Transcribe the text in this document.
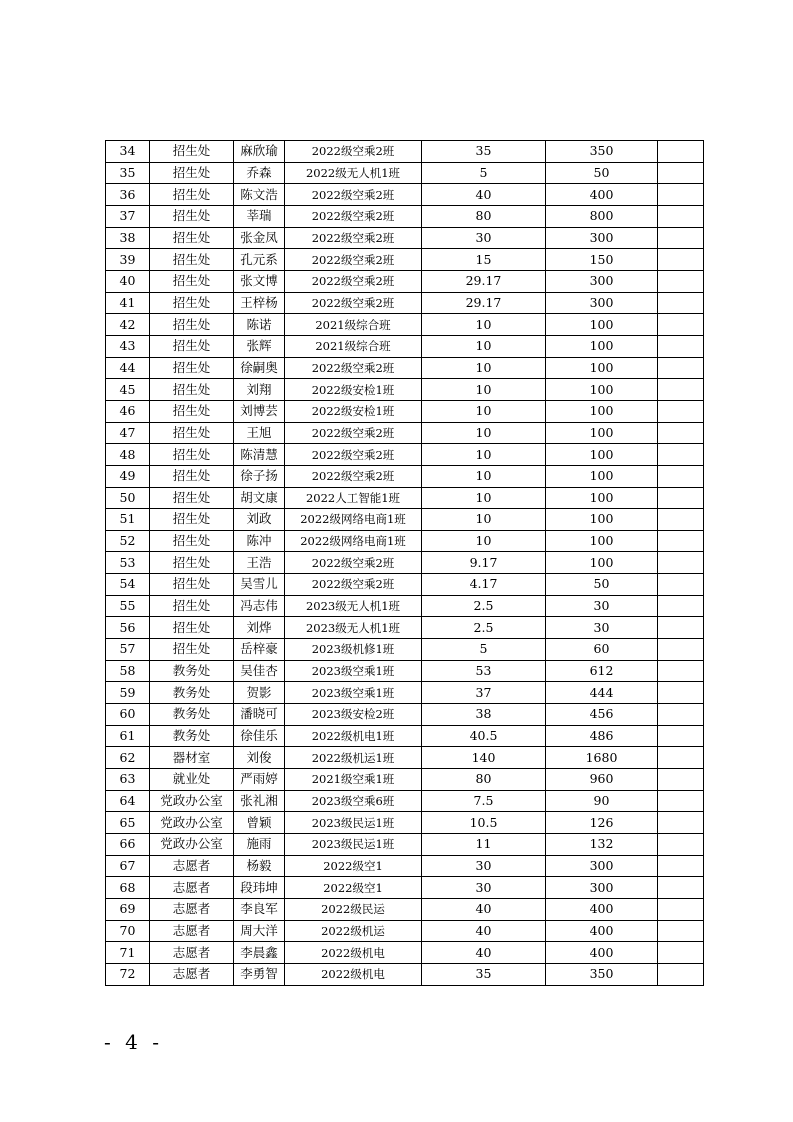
34	招生处	麻欣瑜	2022级空乘2班	35	350	
35	招生处	乔森	2022级无人机1班	5	50	
36	招生处	陈文浩	2022级空乘2班	40	400	
37	招生处	莘瑞	2022级空乘2班	80	800	
38	招生处	张金凤	2022级空乘2班	30	300	
39	招生处	孔元系	2022级空乘2班	15	150	
40	招生处	张文博	2022级空乘2班	29.17	300	
41	招生处	王梓杨	2022级空乘2班	29.17	300	
42	招生处	陈诺	2021级综合班	10	100	
43	招生处	张辉	2021级综合班	10	100	
44	招生处	徐嗣奥	2022级空乘2班	10	100	
45	招生处	刘翔	2022级安检1班	10	100	
46	招生处	刘博芸	2022级安检1班	10	100	
47	招生处	王旭	2022级空乘2班	10	100	
48	招生处	陈清慧	2022级空乘2班	10	100	
49	招生处	徐子扬	2022级空乘2班	10	100	
50	招生处	胡文康	2022人工智能1班	10	100	
51	招生处	刘政	2022级网络电商1班	10	100	
52	招生处	陈冲	2022级网络电商1班	10	100	
53	招生处	王浩	2022级空乘2班	9.17	100	
54	招生处	吴雪儿	2022级空乘2班	4.17	50	
55	招生处	冯志伟	2023级无人机1班	2.5	30	
56	招生处	刘烨	2023级无人机1班	2.5	30	
57	招生处	岳梓豪	2023级机修1班	5	60	
58	教务处	吴佳杏	2023级空乘1班	53	612	
59	教务处	贺影	2023级空乘1班	37	444	
60	教务处	潘晓可	2023级安检2班	38	456	
61	教务处	徐佳乐	2022级机电1班	40.5	486	
62	器材室	刘俊	2022级机运1班	140	1680	
63	就业处	严雨婷	2021级空乘1班	80	960	
64	党政办公室	张礼湘	2023级空乘6班	7.5	90	
65	党政办公室	曾颖	2023级民运1班	10.5	126	
66	党政办公室	施雨	2023级民运1班	11	132	
67	志愿者	杨毅	2022级空1	30	300	
68	志愿者	段玮坤	2022级空1	30	300	
69	志愿者	李良军	2022级民运	40	400	
70	志愿者	周大洋	2022级机运	40	400	
71	志愿者	李晨鑫	2022级机电	40	400	
72	志愿者	李勇智	2022级机电	35	350	
- 4 -
